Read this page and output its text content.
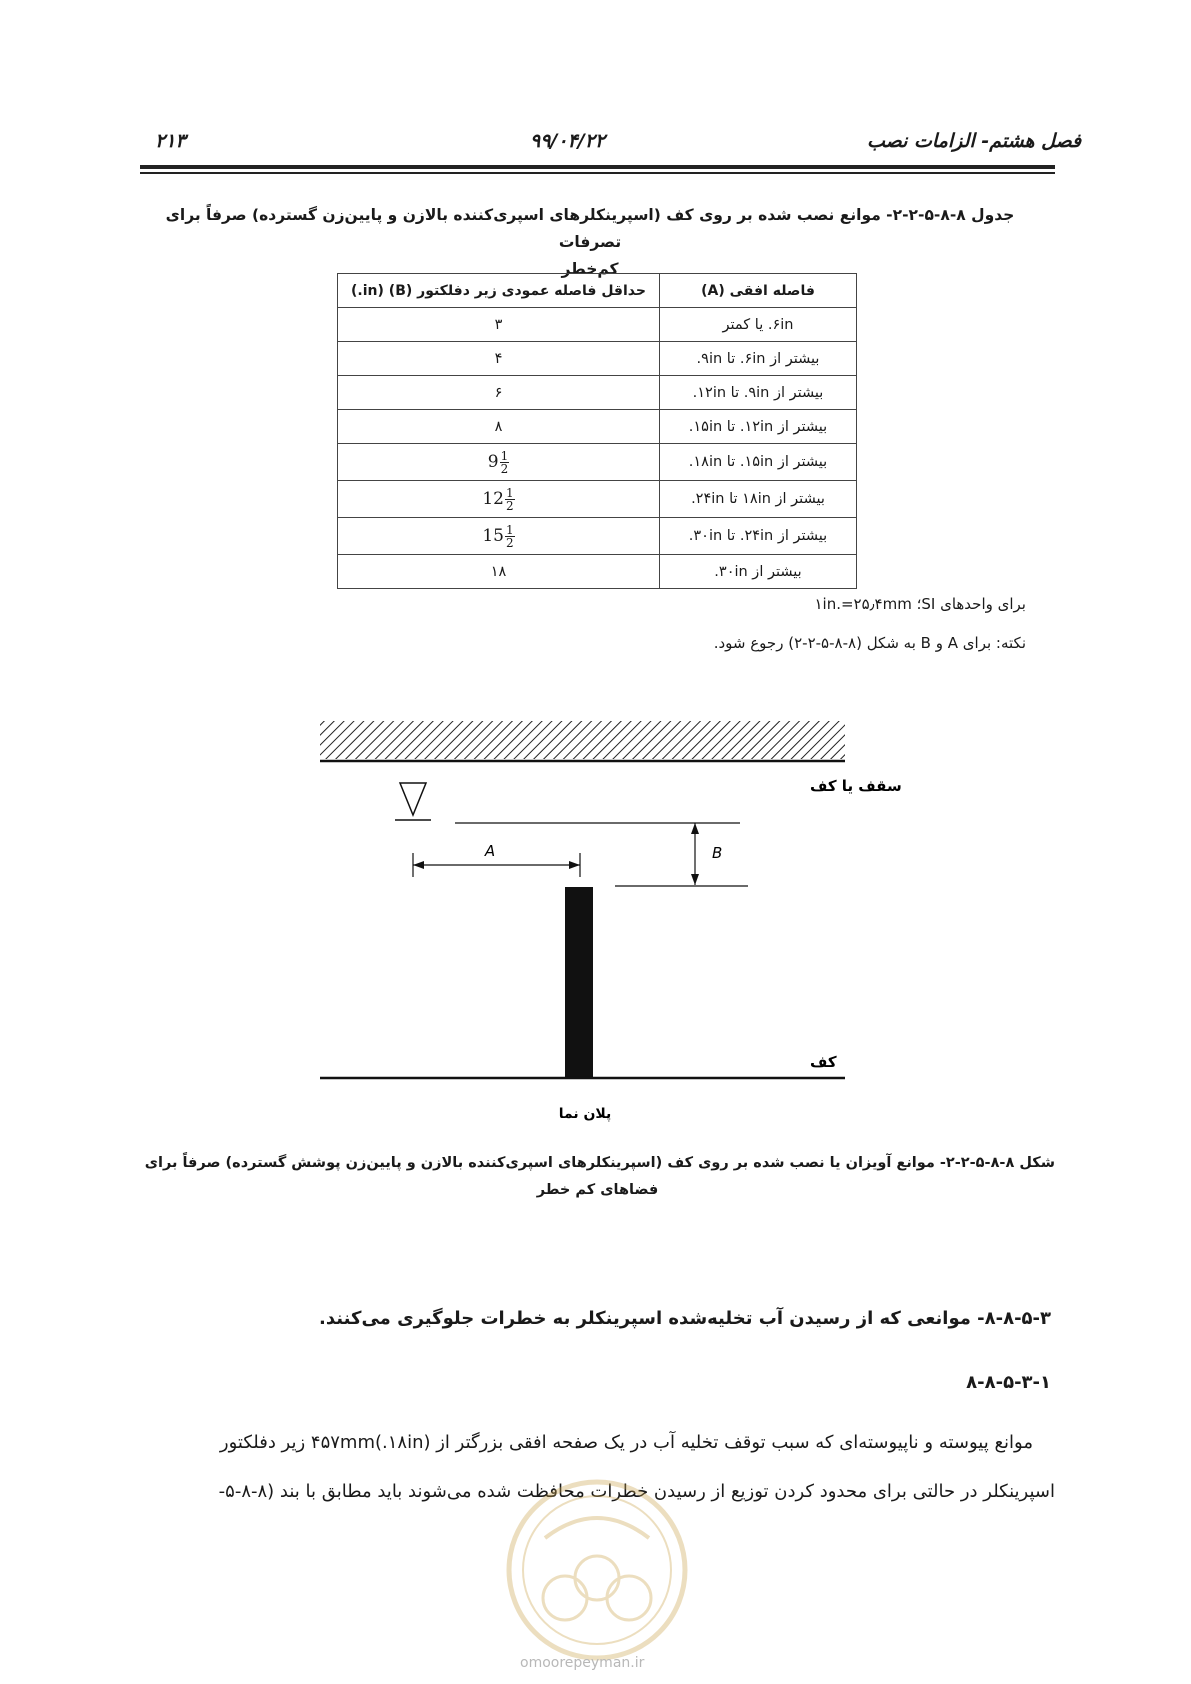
فصل هشتم- الزامات نصب
۹۹/۰۴/۲۲
۲۱۳
جدول ۸-۸-۵-۲-۲- موانع نصب شده بر روی کف (اسپرینکلرهای اسپری‌کننده بالازن و پایین‌زن گسترده) صرفاً برای تصرفات
کم‌خطر
فاصله افقی (A)	حداقل فاصله عمودی زیر دفلکتور (B) (in.)
۶in. یا کمتر	۳
بیشتر از ۶in. تا ۹in.	۴
بیشتر از ۹in. تا ۱۲in.	۶
بیشتر از ۱۲in. تا ۱۵in.	۸
بیشتر از ۱۵in. تا ۱۸in.	$9 \frac{1}{2}$

بیشتر از ۱۸in تا ۲۴in.	$12 \frac{1}{2}$

بیشتر از ۲۴in. تا ۳۰in.	$15 \frac{1}{2}$

بیشتر از ۳۰in.	۱۸
برای واحدهای SI؛ ۱in.=۲۵٫۴mm
نکته: برای A و B به شکل (۸-۸-۵-۲-۲) رجوع شود.
سقف یا کف
A	B
کف
پلان نما
شکل ۸-۸-۵-۲-۲- موانع آویزان یا نصب شده بر روی کف (اسپرینکلرهای اسپری‌کننده بالازن و پایین‌زن پوشش گسترده) صرفاً برای
فضاهای کم خطر
۸-۸-۵-۳- موانعی که از رسیدن آب تخلیه‌شده اسپرینکلر به خطرات جلوگیری می‌کنند.
۸-۸-۵-۳-۱
موانع پیوسته و ناپیوسته‌ای که سبب توقف تخلیه آب در یک صفحه افقی بزرگتر از ۴۵۷mm(.۱۸in) زیر دفلکتور
اسپرینکلر در حالتی برای محدود کردن توزیع از رسیدن خطرات محافظت شده می‌شوند باید مطابق با بند (۸-۸-۵-
omoorepeyman.ir
